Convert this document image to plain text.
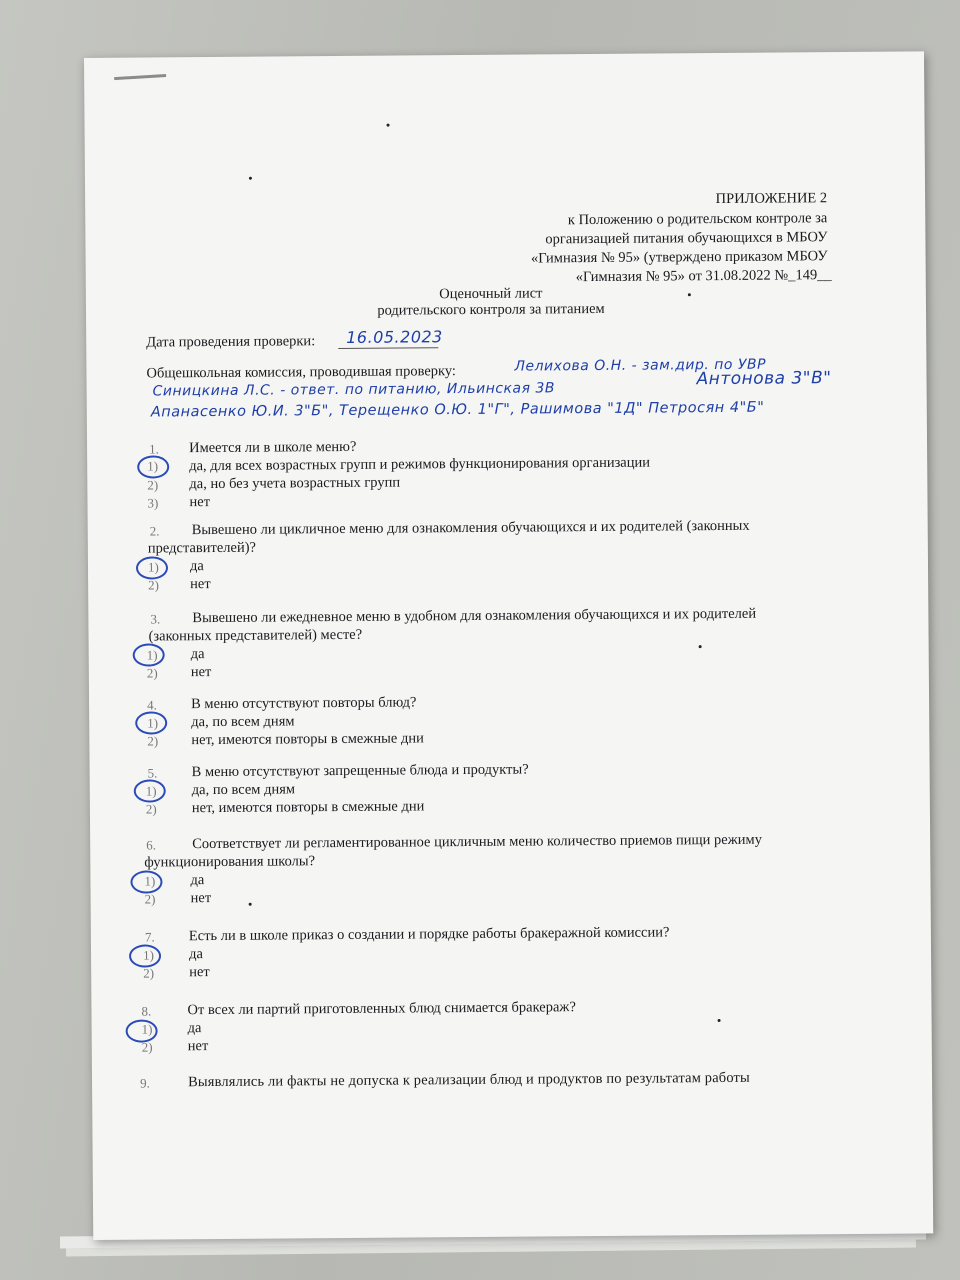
ПРИЛОЖЕНИЕ 2
к Положению о родительском контроле за
организацией питания обучающихся в МБОУ
«Гимназия № 95» (утверждено приказом МБОУ
«Гимназия № 95» от 31.08.2022 №_149__
Оценочный лист
родительского контроля за питанием
Дата проведения проверки: 16.05.2023
Общешкольная комиссия, проводившая проверку:	Лелихова О.Н. - зам.дир. по УВР
Синицкина Л.С. - ответ. по питанию, Ильинская 3В
Антонова 3"В"
Апанасенко Ю.И. 3"Б", Терещенко О.Ю. 1"Г", Рашимова "1Д" Петросян 4"Б"
1. Имеется ли в школе меню?
1) да, для всех возрастных групп и режимов функционирования организации
2) да, но без учета возрастных групп
3) нет
2. Вывешено ли цикличное меню для ознакомления обучающихся и их родителей (законных
представителей)?
1) да
2) нет
3. Вывешено ли ежедневное меню в удобном для ознакомления обучающихся и их родителей
(законных представителей) месте?
1) да
2) нет
4. В меню отсутствуют повторы блюд?
1) да, по всем дням
2) нет, имеются повторы в смежные дни
5. В меню отсутствуют запрещенные блюда и продукты?
1) да, по всем дням
2) нет, имеются повторы в смежные дни
6. Соответствует ли регламентированное цикличным меню количество приемов пищи режиму
функционирования школы?
1) да
2) нет
7. Есть ли в школе приказ о создании и порядке работы бракеражной комиссии?
1) да
2) нет
8. От всех ли партий приготовленных блюд снимается бракераж?
1) да
2) нет
9.	Выявлялись ли факты не допуска к реализации блюд и продуктов по результатам работы
